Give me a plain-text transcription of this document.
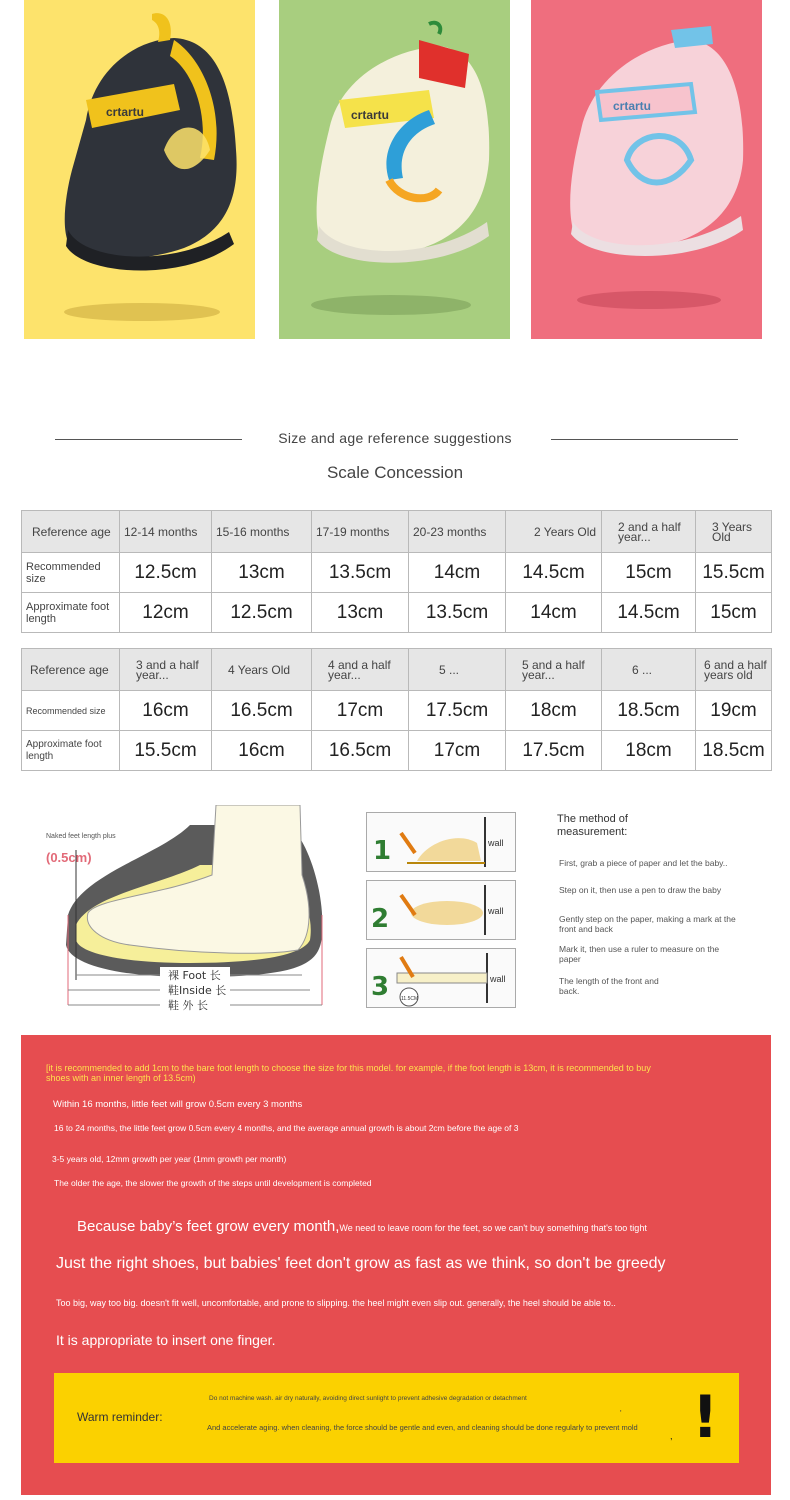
crtartu	crtartu
crtartu
Size and age reference suggestions
Scale Concession
Reference age	12-14 months	15-16 months	17-19 months	20-23 months	2 Years Old	2 and a half year...	3 Years Old
Recommended size	12.5cm	13cm	13.5cm	14cm	14.5cm	15cm	15.5cm
Approximate foot length	12cm	12.5cm	13cm	13.5cm	14cm	14.5cm	15cm
Reference age	3 and a half year...	4 Years Old	4 and a half year...	5 ...	5 and a half year...	6 ...	6 and a half years old
Recommended size	16cm	16.5cm	17cm	17.5cm	18cm	18.5cm	19cm
Approximate foot length	15.5cm	16cm	16.5cm	17cm	17.5cm	18cm	18.5cm
Naked feet length plus
(0.5cm)
裸 Foot 长
鞋Inside 长
鞋 外 长
1	wall
2	wall
3 11.5CM
wall
The method of measurement:
First, grab a piece of paper and let the baby..
Step on it, then use a pen to draw the baby
Gently step on the paper, making a mark at the front and back
Mark it, then use a ruler to measure on the paper
The length of the front and back.
[it is recommended to add 1cm to the bare foot length to choose the size for this model. for example, if the foot length is 13cm, it is recommended to buy shoes with an inner length of 13.5cm)
Within 16 months, little feet will grow 0.5cm every 3 months
16 to 24 months, the little feet grow 0.5cm every 4 months, and the average annual growth is about 2cm before the age of 3
3-5 years old, 12mm growth per year (1mm growth per month)
The older the age, the slower the growth of the steps until development is completed
Because baby’s feet grow every month,We need to leave room for the feet, so we can't buy something that's too tight
Just the right shoes, but babies' feet don't grow as fast as we think, so don't be greedy
Too big, way too big. doesn't fit well, uncomfortable, and prone to slipping. the heel might even slip out. generally, the heel should be able to..
It is appropriate to insert one finger.
Warm reminder:
Do not machine wash. air dry naturally, avoiding direct sunlight to prevent adhesive degradation or detachment
'
And accelerate aging. when cleaning, the force should be gentle and even, and cleaning should be done regularly to prevent mold
, !
